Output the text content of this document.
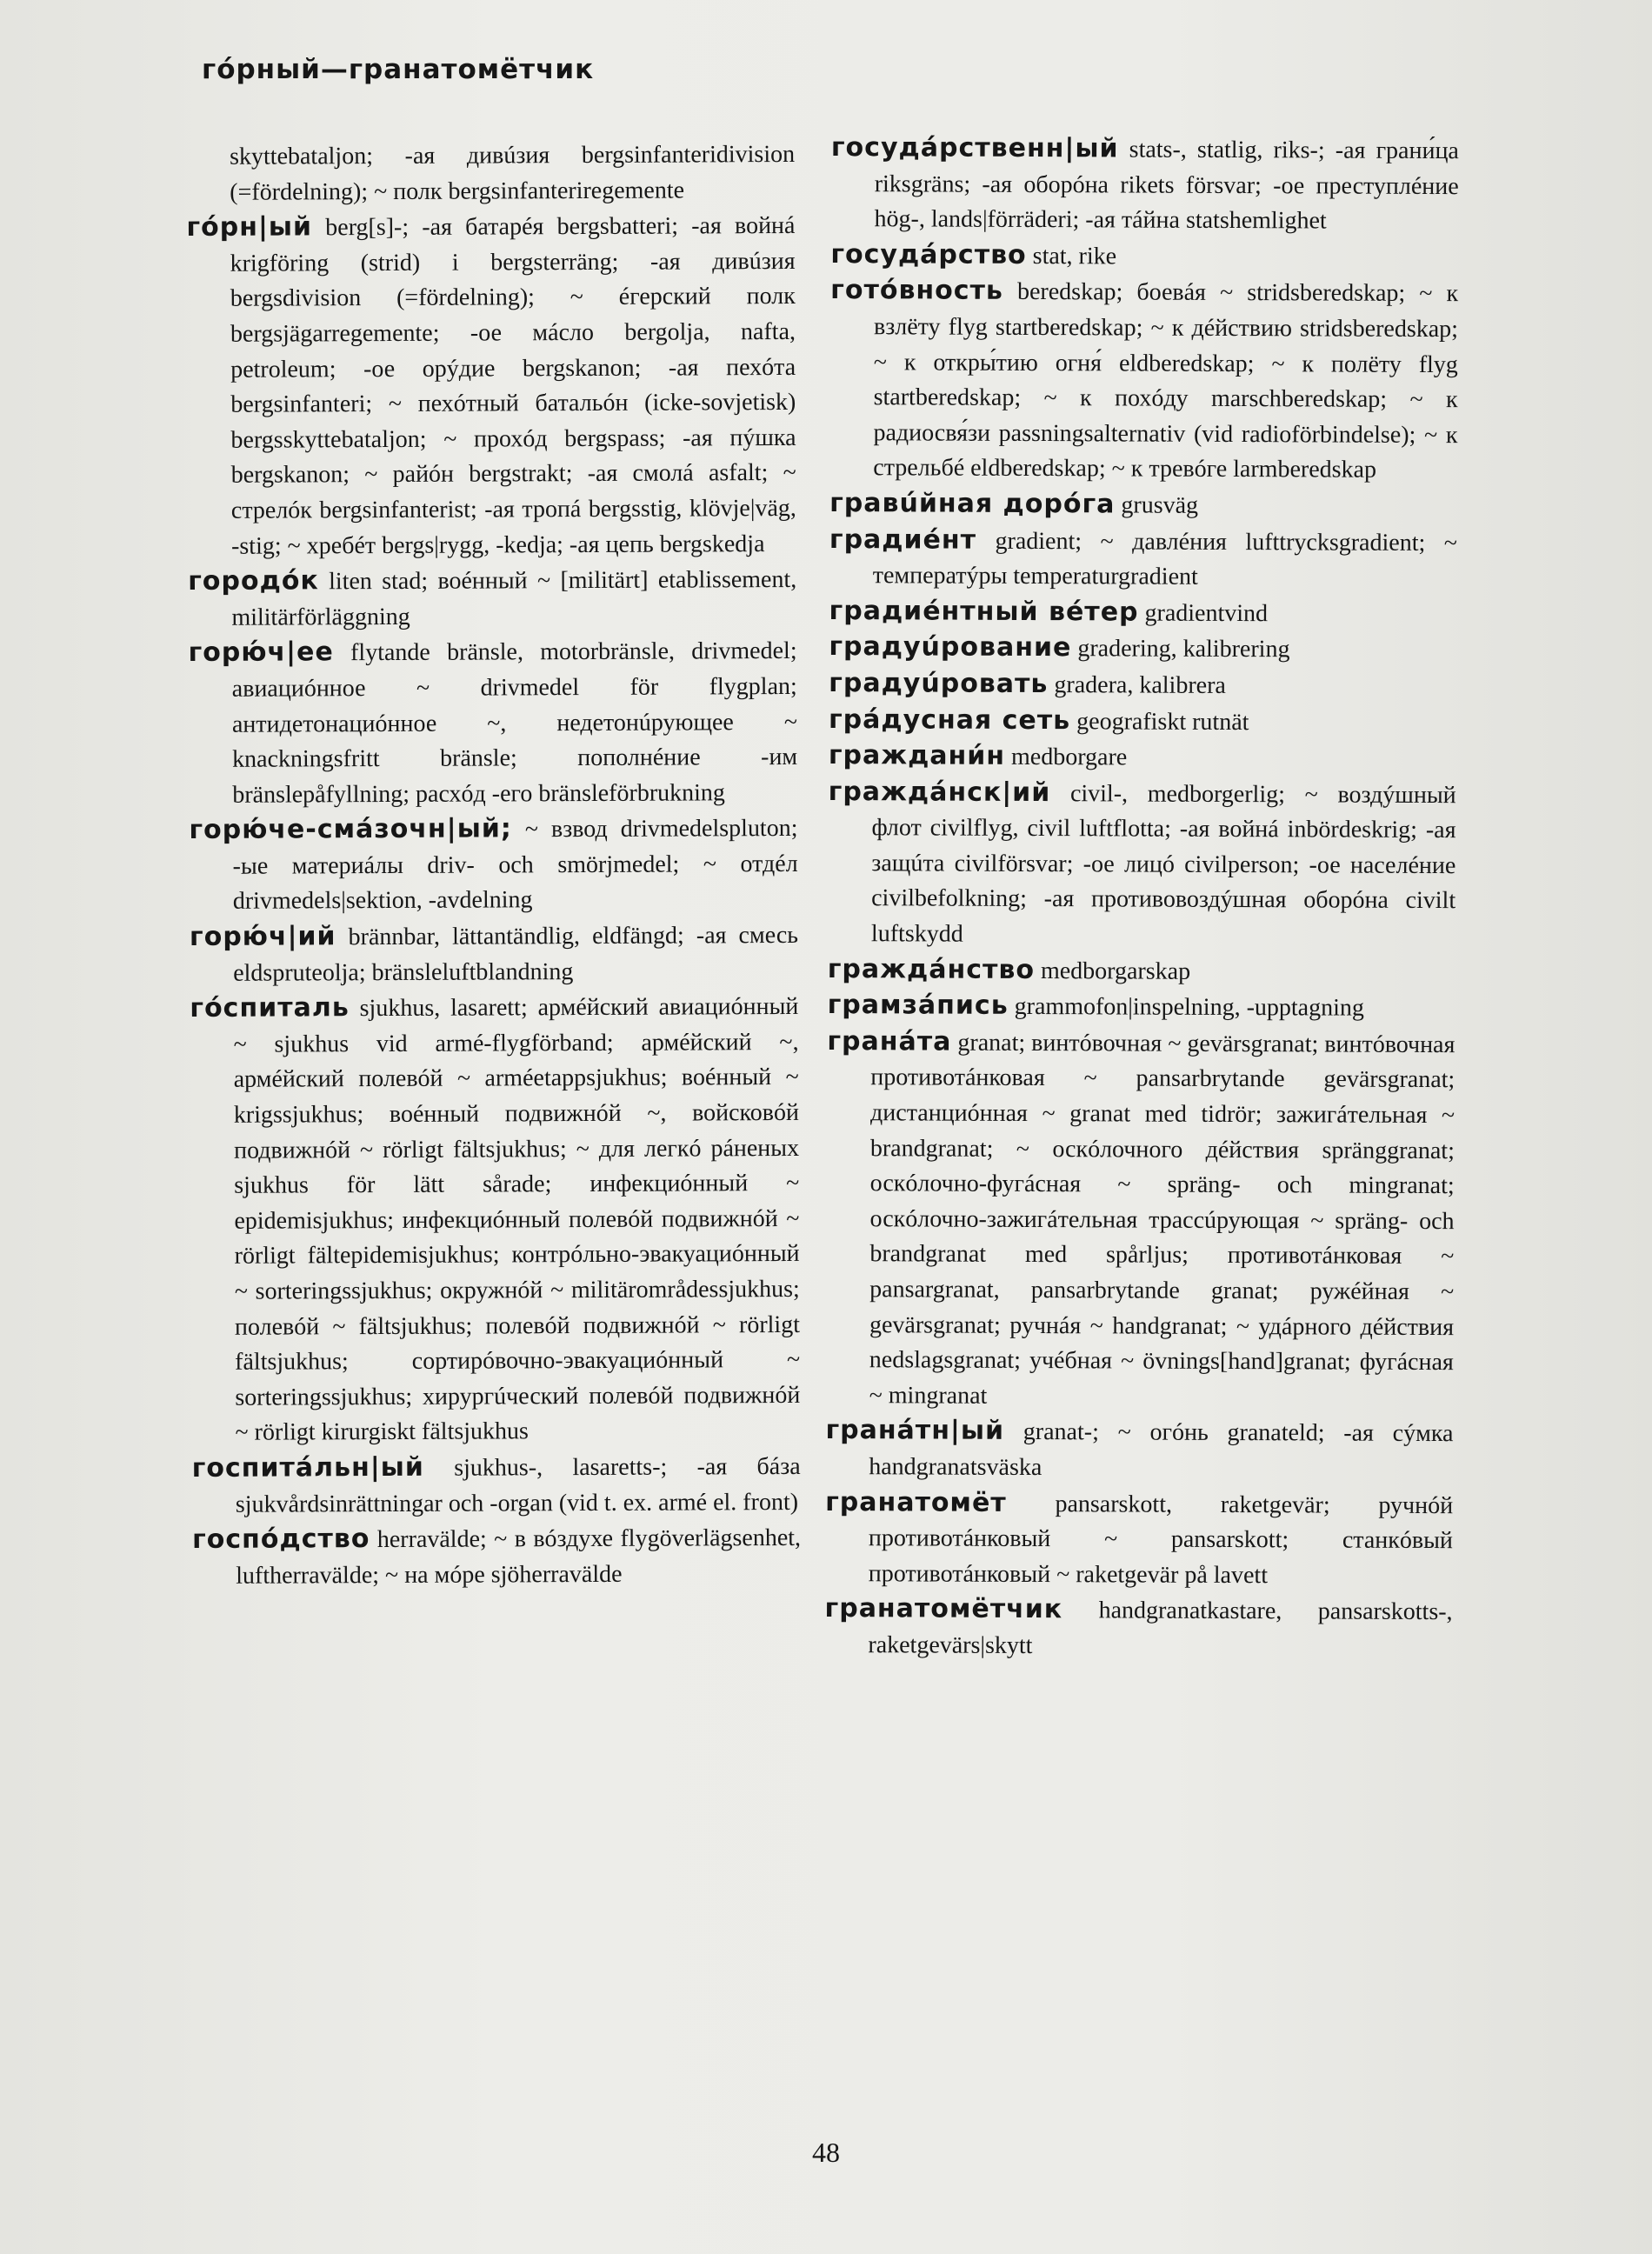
гóрный—гранатомётчик
skyttebataljon; -ая дивúзия bergsinfanteridivision (=fördelning); ~ полк bergsinfanteriregemente
гóрн|ый berg[s]-; -ая батарéя bergsbatteri; -ая войнá krigföring (strid) i bergsterräng; -ая дивúзия bergsdivision (=fördelning); ~ éгерский полк bergsjägarregemente; -ое мáсло bergolja, nafta, petroleum; -ое орýдие bergskanon; -ая пехóта bergsinfanteri; ~ пехóтный батальóн (icke-sovjetisk) bergsskyttebataljon; ~ прохóд bergspass; -ая пýшка bergskanon; ~ райóн bergstrakt; -ая смолá asfalt; ~ стрелóк bergsinfanterist; -ая тропá bergsstig, klövje|väg, -stig; ~ хребéт bergs|rygg, -kedja; -ая цепь bergskedja
городóк liten stad; воéнный ~ [militärt] etablissement, militärförläggning
горю́ч|ее flytande bränsle, motorbränsle, drivmedel; авиациóнное ~ drivmedel för flygplan; антидетонациóнное ~, недетонúрующее ~ knackningsfritt bränsle; пополнéние -им bränslepåfyllning; расхóд -его bränsleförbrukning
горю́че-смáзочн|ый; ~ взвод drivmedelspluton; -ые материáлы driv- och smörjmedel; ~ отдéл drivmedels|sektion, -avdelning
горю́ч|ий brännbar, lättantändlig, eldfängd; -ая смесь eldspruteolja; bränsleluftblandning
гóспиталь sjukhus, lasarett; армéйский авиациóнный ~ sjukhus vid armé-flygförband; армéйский ~, армéйский полевóй ~ arméetappsjukhus; воéнный ~ krigssjukhus; воéнный подвижнóй ~, войсковóй подвижнóй ~ rörligt fältsjukhus; ~ для легкó рáненых sjukhus för lätt sårade; инфекциóнный ~ epidemisjukhus; инфекциóнный полевóй подвижнóй ~ rörligt fältepidemisjukhus; контрóльно-эвакуациóнный ~ sorteringssjukhus; окружнóй ~ militärområdessjukhus; полевóй ~ fältsjukhus; полевóй подвижнóй ~ rörligt fältsjukhus; сортирóвочно-эвакуациóнный ~ sorteringssjukhus; хирургúческий полевóй подвижнóй ~ rörligt kirurgiskt fältsjukhus
госпитáльн|ый sjukhus-, lasaretts-; -ая бáза sjukvårdsinrättningar och -organ (vid t. ex. armé el. front)
госпóдство herravälde; ~ в вóздухе flygöverlägsenhet, luftherravälde; ~ на мóре sjöherravälde
госудáрственн|ый stats-, statlig, riks-; -ая грани́ца riksgräns; -ая оборóна rikets försvar; -ое преступлéние hög-, lands|förräderi; -ая тáйна statshemlighet
госудáрство stat, rike
готóвность beredskap; боевáя ~ stridsberedskap; ~ к взлёту flyg startberedskap; ~ к дéйствию stridsberedskap; ~ к откры́тию огня́ eldberedskap; ~ к полёту flyg startberedskap; ~ к похóду marschberedskap; ~ к радиосвя́зи passningsalternativ (vid radioförbindelse); ~ к стрельбé eldberedskap; ~ к тревóге larmberedskap
гравúйная дорóга grusväg
градиéнт gradient; ~ давлéния lufttrycksgradient; ~ температýры temperaturgradient
градиéнтный вéтер gradientvind
градуúрование gradering, kalibrering
градуúровать gradera, kalibrera
грáдусная сеть geografiskt rutnät
граждани́н medborgare
граждáнск|ий civil-, medborgerlig; ~ воздýшный флот civilflyg, civil luftflotta; -ая войнá inbördeskrig; -ая защúта civilförsvar; -ое лицó civilperson; -ое населéние civilbefolkning; -ая противовоздýшная оборóна civilt luftskydd
граждáнство medborgarskap
грамзáпись grammofon|inspelning, -upptagning
гранáта granat; винтóвочная ~ gevärsgranat; винтóвочная противотáнковая ~ pansarbrytande gevärsgranat; дистанциóнная ~ granat med tidrör; зажигáтельная ~ brandgranat; ~ оскóлочного дéйствия spränggranat; оскóлочно-фугáсная ~ spräng- och mingranat; оскóлочно-зажигáтельная трассúрующая ~ spräng- och brandgranat med spårljus; противотáнковая ~ pansargranat, pansarbrytande granat; ружéйная ~ gevärsgranat; ручнáя ~ handgranat; ~ удáрного дéйствия nedslagsgranat; учéбная ~ övnings[hand]granat; фугáсная ~ mingranat
гранáтн|ый granat-; ~ огóнь granateld; -ая сýмка handgranatsväska
гранатомёт pansarskott, raketgevär; ручнóй противотáнковый ~ pansarskott; станкóвый противотáнковый ~ raketgevär på lavett
гранатомётчик handgranatkastare, pansarskotts-, raketgevärs|skytt
48
